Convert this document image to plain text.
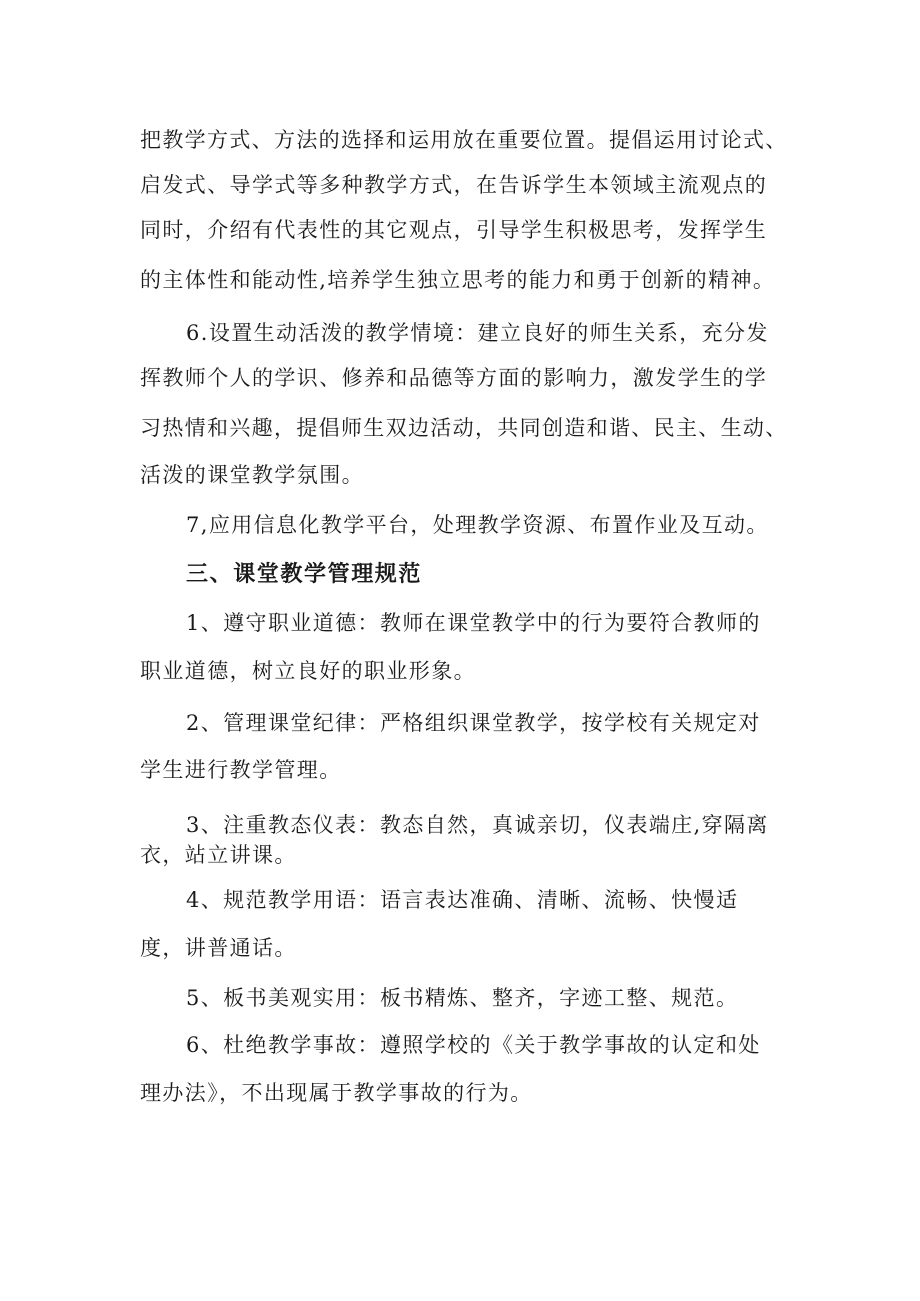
把教学方式、方法的选择和运用放在重要位置。提倡运用讨论式、

启发式、导学式等多种教学方式，在告诉学生本领域主流观点的

同时，介绍有代表性的其它观点，引导学生积极思考，发挥学生

的主体性和能动性,培养学生独立思考的能力和勇于创新的精神。

6.设置生动活泼的教学情境：建立良好的师生关系，充分发

挥教师个人的学识、修养和品德等方面的影响力，激发学生的学

习热情和兴趣，提倡师生双边活动，共同创造和谐、民主、生动、

活泼的课堂教学氛围。

7,应用信息化教学平台，处理教学资源、布置作业及互动。

三、课堂教学管理规范

1、遵守职业道德：教师在课堂教学中的行为要符合教师的

职业道德，树立良好的职业形象。

2、管理课堂纪律：严格组织课堂教学，按学校有关规定对

学生进行教学管理。

3、注重教态仪表：教态自然，真诚亲切，仪表端庄,穿隔离

衣，站立讲课。

4、规范教学用语：语言表达准确、清晰、流畅、快慢适

度，讲普通话。

5、板书美观实用：板书精炼、整齐，字迹工整、规范。

6、杜绝教学事故：遵照学校的《关于教学事故的认定和处

理办法》，不出现属于教学事故的行为。
